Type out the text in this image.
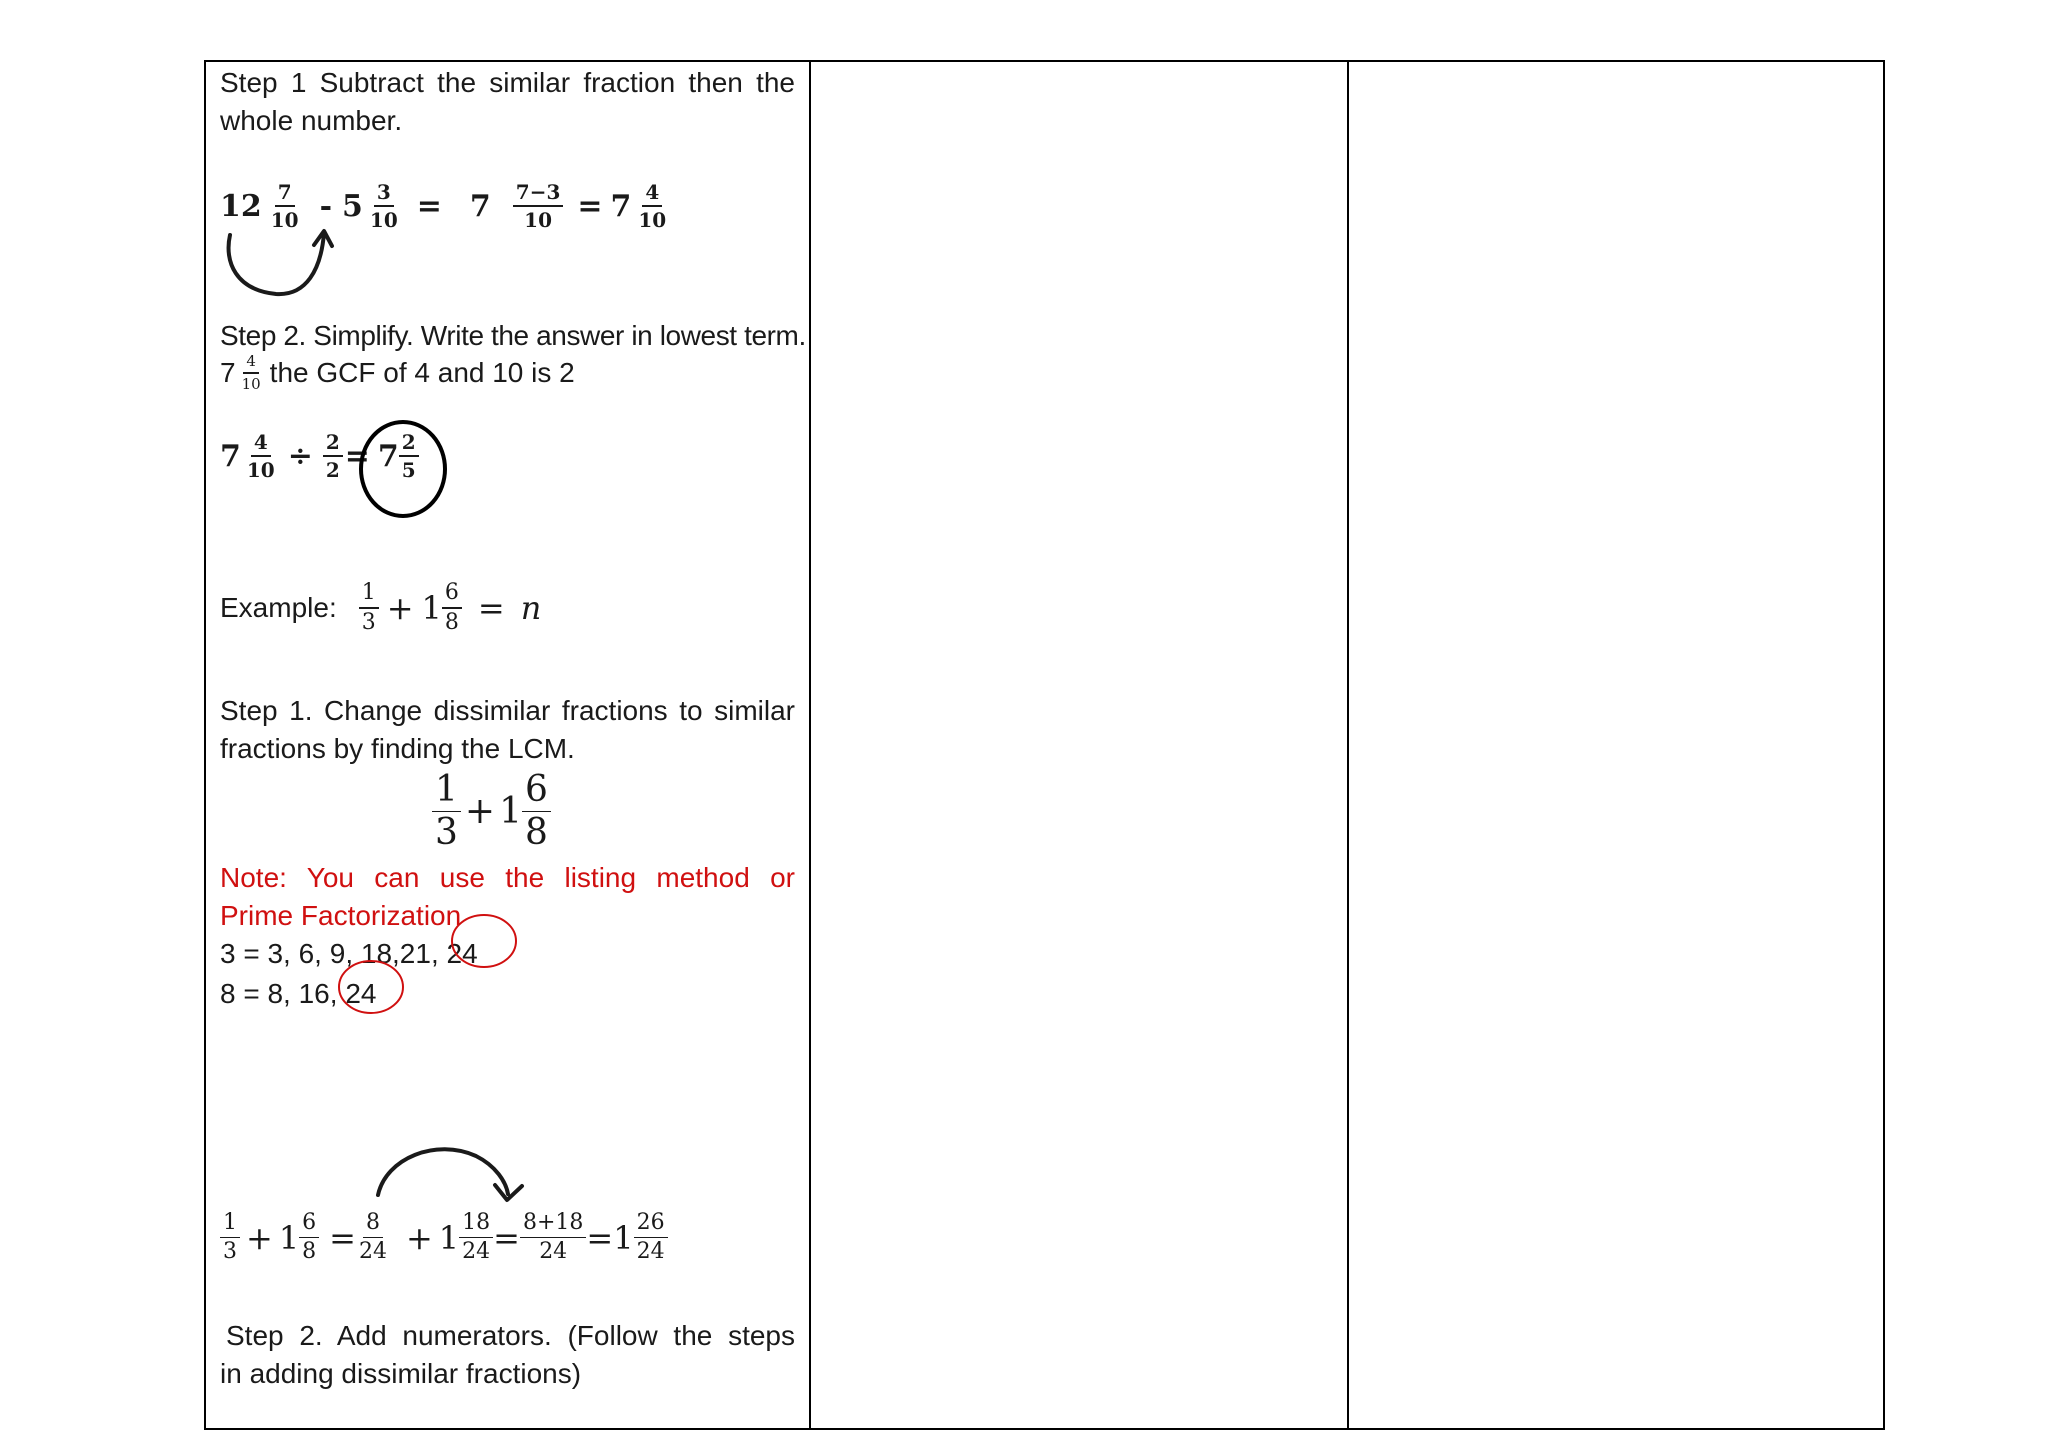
Step 1 Subtract the similar fraction then the
whole number.
$12 \frac{7}{10} - 5 \frac{3}{10} = 7 \frac{7-3}{10} = 7 \frac{4}{10}$
Step 2. Simplify. Write the answer in lowest term.
$7 \frac{4}{10}$ the GCF of 4 and 10 is 2
$7 \frac{4}{10} \div \frac{2}{2} = 7 \frac{2}{5}$
Example: $\frac{1}{3} + 1 \frac{6}{8} = n$
Step 1. Change dissimilar fractions to similar
fractions by finding the LCM.
$\frac{1}{3} + 1 \frac{6}{8}$
Note: You can use the listing method or
Prime Factorization
3 = 3, 6, 9, 18,21, 24
8 = 8, 16, 24
$\frac{1}{3} + 1 \frac{6}{8} = \frac{8}{24} + 1 \frac{18}{24} = \frac{8+18}{24} = 1 \frac{26}{24}$
Step 2. Add numerators. (Follow the steps
in adding dissimilar fractions)
